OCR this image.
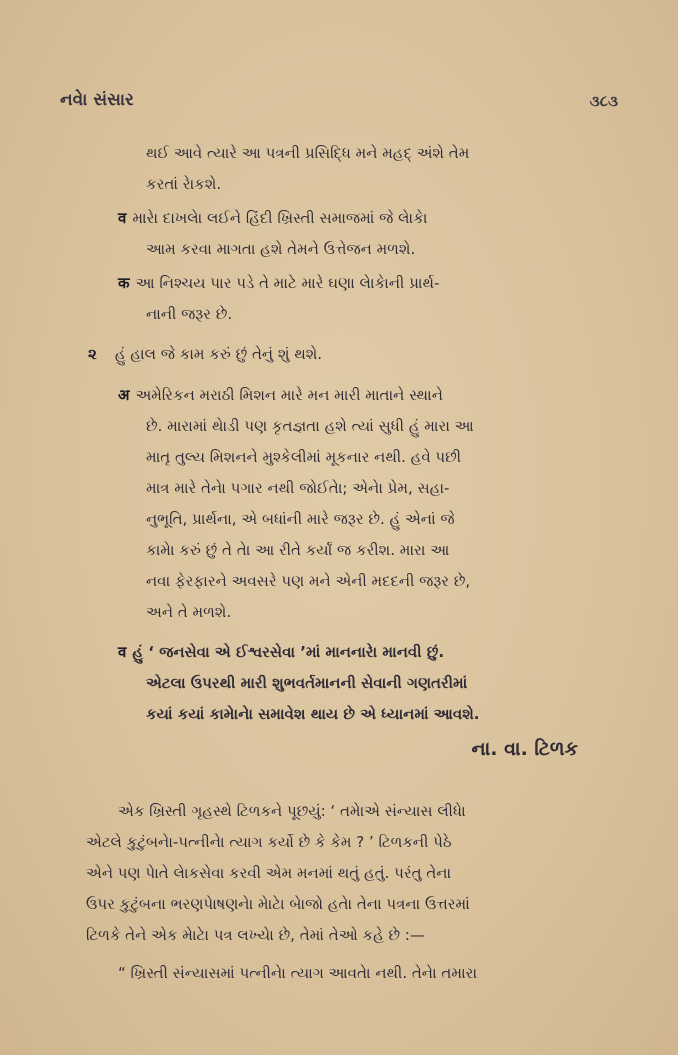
નવેા સંસાર	૩૮૩
થઈ આવે ત્યારે આ પત્રની પ્રસિદ્ધિ મને મહદ્ અંશે તેમ
કરતાં રેાકશે.
व મારેા દાખલેા લઈને હિંદી ખ્રિસ્તી સમાજમાં જે લેાકેા
આમ કરવા માગતા હશે તેમને ઉત્તેજન મળશે.
क આ નિશ્ચય પાર પડે તે માટે મારે ઘણા લેાકેાની પ્રાર્થ-
નાની જરૂર છે.
૨ હું હાલ જે કામ કરું છું તેનું શું થશે.
अ અમેરિકન મરાઠી મિશન મારે મન મારી માતાને સ્થાને
છે. મારામાં થેાડી પણ કૃતજ્ઞતા હશે ત્યાં સુધી હું મારા આ
માતૃ તુલ્ય મિશનને મુશ્કેલીમાં મૂકનાર નથી. હવે પછી
માત્ર મારે તેનેા પગાર નથી જોઈતેા; એનેા પ્રેમ, સહા-
નુભૂતિ, પ્રાર્થના, એ બધાંની મારે જરૂર છે. હું એનાં જે
કામેા કરું છું તે તેા આ રીતે કર્યાં જ કરીશ. મારા આ
નવા ફેરફારને અવસરે પણ મને એની મદદની જરૂર છે,
અને તે મળશે.
व હું ‘ જનસેવા એ ઈશ્વરસેવા ’માં માનનારેા માનવી છું.
એટલા ઉપરથી મારી શુભવર્તમાનની સેવાની ગણતરીમાં
કયાં કયાં કામેાનેા સમાવેશ થાય છે એ ધ્યાનમાં આવશે.
ના. વા. ટિળક
એક ખ્રિસ્તી ગૃહસ્થે ટિળકને પૂછયું: ‘ તમેાએ સંન્યાસ લીધેા
એટલે કુટુંબનેા-પત્નીનેા ત્યાગ કર્યો છે કે કેમ ? ’ ટિળકની પેઠે
એને પણ પેાતે લેાકસેવા કરવી એમ મનમાં થતું હતું. પરંતુ તેના
ઉપર કુટુંબના ભરણપેાષણનેા મેાટેા બેાજો હતેા તેના પત્રના ઉત્તરમાં
ટિળકે તેને એક મેાટેા પત્ર લખ્યેા છે, તેમાં તેઓ કહે છે :—
“ ખ્રિસ્તી સંન્યાસમાં પત્નીનેા ત્યાગ આવતેા નથી. તેનેા તમારા
